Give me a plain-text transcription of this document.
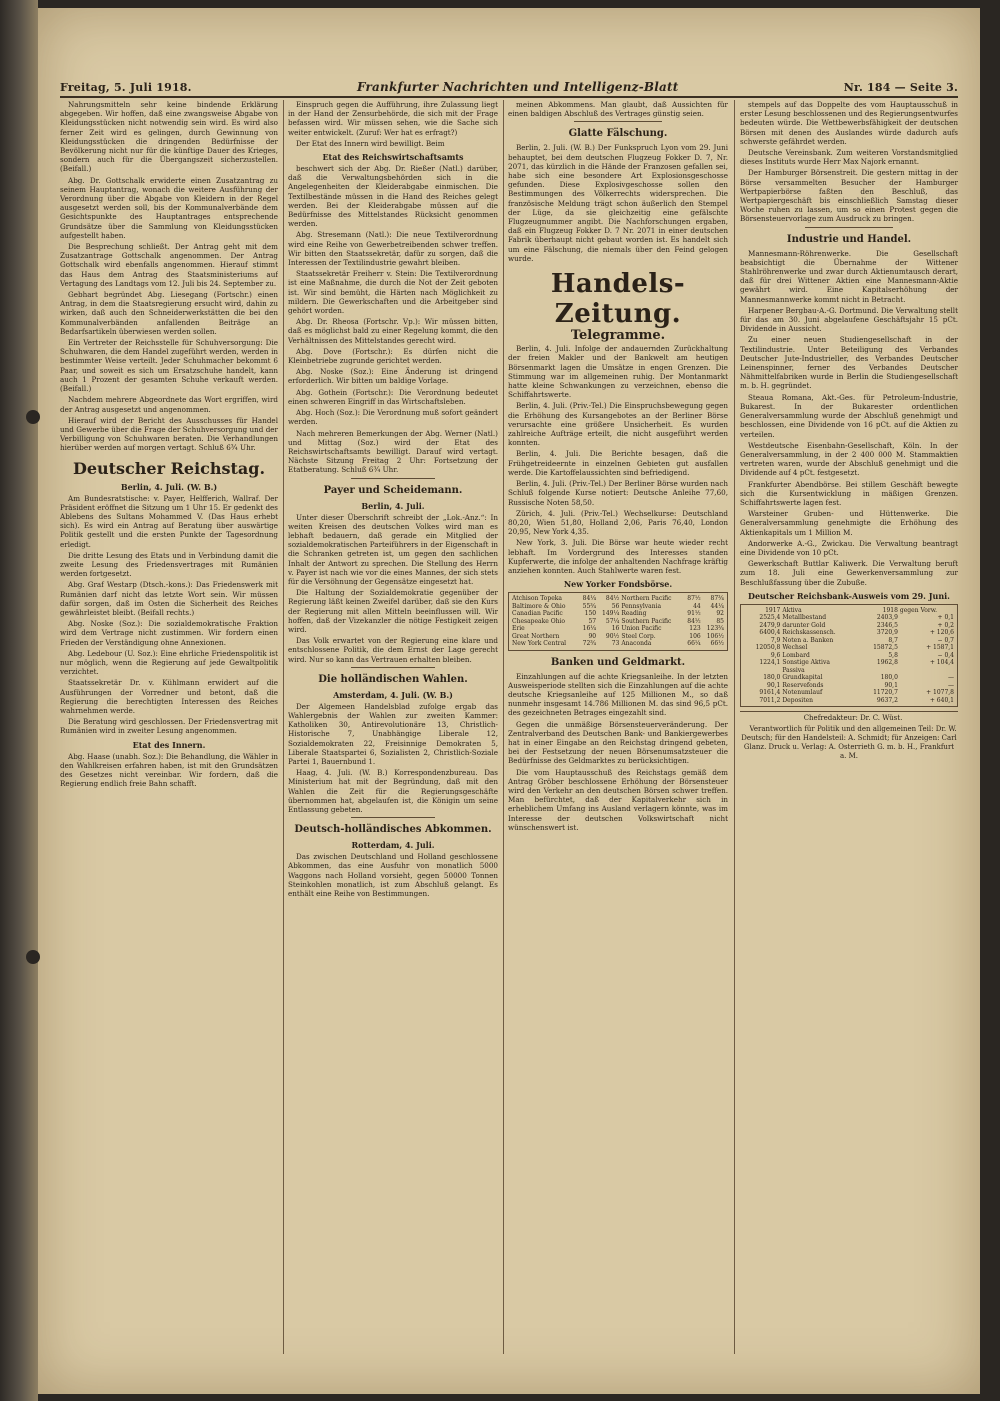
Freitag, 5. Juli 1918.	Frankfurter Nachrichten und Intelligenz-Blatt	Nr. 184 — Seite 3.

Nahrungsmitteln sehr keine bindende Erklärung abgegeben. Wir hoffen, daß eine zwangsweise Abgabe von Kleidungsstücken nicht notwendig sein wird. Es wird also ferner Zeit wird es gelingen, durch Gewinnung von Kleidungsstücken die dringenden Bedürfnisse der Bevölkerung nicht nur für die künftige Dauer des Krieges, sondern auch für die Übergangszeit sicherzustellen. (Beifall.)

Abg. Dr. Gottschalk erwiderte einen Zusatzantrag zu seinem Hauptantrag, wonach die weitere Ausführung der Verordnung über die Abgabe von Kleidern in der Regel ausgesetzt werden soll, bis der Kommunalverbände dem Gesichtspunkte des Hauptantrages entsprechende Grundsätze über die Sammlung von Kleidungsstücken aufgestellt haben.

Die Besprechung schließt. Der Antrag geht mit dem Zusatzantrage Gottschalk angenommen. Der Antrag Gottschalk wird ebenfalls angenommen. Hierauf stimmt das Haus dem Antrag des Staatsministeriums auf Vertagung des Landtags vom 12. Juli bis 24. September zu.

Gebhart begründet Abg. Liesegang (Fortschr.) einen Antrag, in dem die Staatsregierung ersucht wird, dahin zu wirken, daß auch den Schneiderwerkstätten die bei den Kommunalverbänden anfallenden Beiträge an Bedarfsartikeln überwiesen werden sollen.

Ein Vertreter der Reichsstelle für Schuhversorgung: Die Schuhwaren, die dem Handel zugeführt werden, werden in bestimmter Weise verteilt. Jeder Schuhmacher bekommt 6 Paar, und soweit es sich um Ersatzschuhe handelt, kann auch 1 Prozent der gesamten Schuhe verkauft werden. (Beifall.)

Nachdem mehrere Abgeordnete das Wort ergriffen, wird der Antrag ausgesetzt und angenommen.

Hierauf wird der Bericht des Ausschusses für Handel und Gewerbe über die Frage der Schuhversorgung und der Verbilligung von Schuhwaren beraten. Die Verhandlungen hierüber werden auf morgen vertagt. Schluß 6¾ Uhr.

Deutscher Reichstag.
Berlin, 4. Juli. (W. B.)

Am Bundesratstische: v. Payer, Helfferich, Wallraf. Der Präsident eröffnet die Sitzung um 1 Uhr 15. Er gedenkt des Ablebens des Sultans Mohammed V. (Das Haus erhebt sich). Es wird ein Antrag auf Beratung über auswärtige Politik gestellt und die ersten Punkte der Tagesordnung erledigt.

Die dritte Lesung des Etats und in Verbindung damit die zweite Lesung des Friedensvertrages mit Rumänien werden fortgesetzt.

Abg. Graf Westarp (Dtsch.-kons.): Das Friedenswerk mit Rumänien darf nicht das letzte Wort sein. Wir müssen dafür sorgen, daß im Osten die Sicherheit des Reiches gewährleistet bleibt. (Beifall rechts.)

Abg. Noske (Soz.): Die sozialdemokratische Fraktion wird dem Vertrage nicht zustimmen. Wir fordern einen Frieden der Verständigung ohne Annexionen.

Abg. Ledebour (U. Soz.): Eine ehrliche Friedenspolitik ist nur möglich, wenn die Regierung auf jede Gewaltpolitik verzichtet.

Staatssekretär Dr. v. Kühlmann erwidert auf die Ausführungen der Vorredner und betont, daß die Regierung die berechtigten Interessen des Reiches wahrnehmen werde.

Die Beratung wird geschlossen. Der Friedensvertrag mit Rumänien wird in zweiter Lesung angenommen.

Etat des Innern.

Abg. Haase (unabh. Soz.): Die Behandlung, die Wähler in den Wahlkreisen erfahren haben, ist mit den Grundsätzen des Gesetzes nicht vereinbar. Wir fordern, daß die Regierung endlich freie Bahn schafft.

Einspruch gegen die Aufführung, ihre Zulassung liegt in der Hand der Zensurbehörde, die sich mit der Frage befassen wird. Wir müssen sehen, wie die Sache sich weiter entwickelt. (Zuruf: Wer hat es erfragt?)

Der Etat des Innern wird bewilligt. Beim

Etat des Reichswirtschaftsamts

beschwert sich der Abg. Dr. Rießer (Natl.) darüber, daß die Verwaltungsbehörden sich in die Angelegenheiten der Kleiderabgabe einmischen. Die Textilbestände müssen in die Hand des Reiches gelegt werden. Bei der Kleiderabgabe müssen auf die Bedürfnisse des Mittelstandes Rücksicht genommen werden.

Abg. Stresemann (Natl.): Die neue Textilverordnung wird eine Reihe von Gewerbetreibenden schwer treffen. Wir bitten den Staatssekretär, dafür zu sorgen, daß die Interessen der Textilindustrie gewahrt bleiben.

Staatssekretär Freiherr v. Stein: Die Textilverordnung ist eine Maßnahme, die durch die Not der Zeit geboten ist. Wir sind bemüht, die Härten nach Möglichkeit zu mildern. Die Gewerkschaften und die Arbeitgeber sind gehört worden.

Abg. Dr. Rheosa (Fortschr. Vp.): Wir müssen bitten, daß es möglichst bald zu einer Regelung kommt, die den Verhältnissen des Mittelstandes gerecht wird.

Abg. Dove (Fortschr.): Es dürfen nicht die Kleinbetriebe zugrunde gerichtet werden.

Abg. Noske (Soz.): Eine Änderung ist dringend erforderlich. Wir bitten um baldige Vorlage.

Abg. Gothein (Fortschr.): Die Verordnung bedeutet einen schweren Eingriff in das Wirtschaftsleben.

Abg. Hoch (Soz.): Die Verordnung muß sofort geändert werden.

Nach mehreren Bemerkungen der Abg. Werner (Natl.) und Mittag (Soz.) wird der Etat des Reichswirtschaftsamts bewilligt. Darauf wird vertagt. Nächste Sitzung Freitag 2 Uhr: Fortsetzung der Etatberatung. Schluß 6¾ Uhr.

Payer und Scheidemann.
Berlin, 4. Juli.

Unter dieser Überschrift schreibt der „Lok.-Anz.“: In weiten Kreisen des deutschen Volkes wird man es lebhaft bedauern, daß gerade ein Mitglied der sozialdemokratischen Parteiführers in der Eigenschaft in die Schranken getreten ist, um gegen den sachlichen Inhalt der Antwort zu sprechen. Die Stellung des Herrn v. Payer ist nach wie vor die eines Mannes, der sich stets für die Versöhnung der Gegensätze eingesetzt hat.

Die Haltung der Sozialdemokratie gegenüber der Regierung läßt keinen Zweifel darüber, daß sie den Kurs der Regierung mit allen Mitteln beeinflussen will. Wir hoffen, daß der Vizekanzler die nötige Festigkeit zeigen wird.

Das Volk erwartet von der Regierung eine klare und entschlossene Politik, die dem Ernst der Lage gerecht wird. Nur so kann das Vertrauen erhalten bleiben.

Die holländischen Wahlen.
Amsterdam, 4. Juli. (W. B.)

Der Algemeen Handelsblad zufolge ergab das Wahlergebnis der Wahlen zur zweiten Kammer: Katholiken 30, Antirevolutionäre 13, Christlich-Historische 7, Unabhängige Liberale 12, Sozialdemokraten 22, Freisinnige Demokraten 5, Liberale Staatspartei 6, Sozialisten 2, Christlich-Soziale Partei 1, Bauernbund 1.

Haag, 4. Juli. (W. B.) Korrespondenzbureau. Das Ministerium hat mit der Begründung, daß mit den Wahlen die Zeit für die Regierungsgeschäfte übernommen hat, abgelaufen ist, die Königin um seine Entlassung gebeten.

Deutsch-holländisches Abkommen.
Rotterdam, 4. Juli.

Das zwischen Deutschland und Holland geschlossene Abkommen, das eine Ausfuhr von monatlich 5000 Waggons nach Holland vorsieht, gegen 50000 Tonnen Steinkohlen monatlich, ist zum Abschluß gelangt. Es enthält eine Reihe von Bestimmungen.

meinen Abkommens. Man glaubt, daß Aussichten für einen baldigen Abschluß des Vertrages günstig seien.

Glatte Fälschung.

Berlin, 2. Juli. (W. B.) Der Funkspruch Lyon vom 29. Juni behauptet, bei dem deutschen Flugzeug Fokker D. 7, Nr. 2071, das kürzlich in die Hände der Franzosen gefallen sei, habe sich eine besondere Art Explosionsgeschosse gefunden. Diese Explosivgeschosse sollen den Bestimmungen des Völkerrechts widersprechen. Die französische Meldung trägt schon äußerlich den Stempel der Lüge, da sie gleichzeitig eine gefälschte Flugzeugnummer angibt. Die Nachforschungen ergaben, daß ein Flugzeug Fokker D. 7 Nr. 2071 in einer deutschen Fabrik überhaupt nicht gebaut worden ist. Es handelt sich um eine Fälschung, die niemals über den Feind gelogen wurde.

Handels-Zeitung.
Telegramme.

Berlin, 4. Juli. Infolge der andauernden Zurückhaltung der freien Makler und der Bankwelt am heutigen Börsenmarkt lagen die Umsätze in engen Grenzen. Die Stimmung war im allgemeinen ruhig. Der Montanmarkt hatte kleine Schwankungen zu verzeichnen, ebenso die Schiffahrtswerte.

Berlin, 4. Juli. (Priv.-Tel.) Die Einspruchsbewegung gegen die Erhöhung des Kursangebotes an der Berliner Börse verursachte eine größere Unsicherheit. Es wurden zahlreiche Aufträge erteilt, die nicht ausgeführt werden konnten.

Berlin, 4. Juli. Die Berichte besagen, daß die Frühgetreideernte in einzelnen Gebieten gut ausfallen werde. Die Kartoffelaussichten sind befriedigend.

Berlin, 4. Juli. (Priv.-Tel.) Der Berliner Börse wurden nach Schluß folgende Kurse notiert: Deutsche Anleihe 77,60, Russische Noten 58,50.

Zürich, 4. Juli. (Priv.-Tel.) Wechselkurse: Deutschland 80,20, Wien 51,80, Holland 2,06, Paris 76,40, London 20,95, New York 4,35.

New York, 3. Juli. Die Börse war heute wieder recht lebhaft. Im Vordergrund des Interesses standen Kupferwerte, die infolge der anhaltenden Nachfrage kräftig anziehen konnten. Auch Stahlwerte waren fest.

New Yorker Fondsbörse.
Atchison Topeka	84¼	84½	Northern Pacific	87½	87¾
Baltimore & Ohio	55¾	56	Pennsylvania	44	44¼
Canadian Pacific	150	149¼	Reading	91½	92
Chesapeake Ohio	57	57¼	Southern Pacific	84½	85
Erie	16¼	16	Union Pacific	123	123¾
Great Northern	90	90½	Steel Corp.	106	106½
New York Central	72¾	73	Anaconda	66¼	66½
Banken und Geldmarkt.

Einzahlungen auf die achte Kriegsanleihe. In der letzten Ausweisperiode stellten sich die Einzahlungen auf die achte deutsche Kriegsanleihe auf 125 Millionen M., so daß nunmehr insgesamt 14.786 Millionen M. das sind 96,5 pCt. des gezeichneten Betrages eingezahlt sind.

Gegen die unmäßige Börsensteuerveränderung. Der Zentralverband des Deutschen Bank- und Bankiergewerbes hat in einer Eingabe an den Reichstag dringend gebeten, bei der Festsetzung der neuen Börsenumsatzsteuer die Bedürfnisse des Geldmarktes zu berücksichtigen.

Die vom Hauptausschuß des Reichstags gemäß dem Antrag Gröber beschlossene Erhöhung der Börsensteuer wird den Verkehr an den deutschen Börsen schwer treffen. Man befürchtet, daß der Kapitalverkehr sich in erheblichem Umfang ins Ausland verlagern könnte, was im Interesse der deutschen Volkswirtschaft nicht wünschenswert ist.

stempels auf das Doppelte des vom Hauptausschuß in erster Lesung beschlossenen und des Regierungsentwurfes bedeuten würde. Die Wettbewerbsfähigkeit der deutschen Börsen mit denen des Auslandes würde dadurch aufs schwerste gefährdet werden.

Deutsche Vereinsbank. Zum weiteren Vorstandsmitglied dieses Instituts wurde Herr Max Najork ernannt.

Der Hamburger Börsenstreit. Die gestern mittag in der Börse versammelten Besucher der Hamburger Wertpapierbörse faßten den Beschluß, das Wertpapiergeschäft bis einschließlich Samstag dieser Woche ruhen zu lassen, um so einen Protest gegen die Börsensteuervorlage zum Ausdruck zu bringen.

Industrie und Handel.

Mannesmann-Röhrenwerke. Die Gesellschaft beabsichtigt die Übernahme der Wittener Stahlröhrenwerke und zwar durch Aktienumtausch derart, daß für drei Wittener Aktien eine Mannesmann-Aktie gewährt wird. Eine Kapitalserhöhung der Mannesmannwerke kommt nicht in Betracht.

Harpener Bergbau-A.-G. Dortmund. Die Verwaltung stellt für das am 30. Juni abgelaufene Geschäftsjahr 15 pCt. Dividende in Aussicht.

Zu einer neuen Studiengesellschaft in der Textilindustrie. Unter Beteiligung des Verbandes Deutscher Jute-Industrieller, des Verbandes Deutscher Leinenspinner, ferner des Verbandes Deutscher Nähmittelfabriken wurde in Berlin die Studiengesellschaft m. b. H. gegründet.

Steaua Romana, Akt.-Ges. für Petroleum-Industrie, Bukarest. In der Bukarester ordentlichen Generalversammlung wurde der Abschluß genehmigt und beschlossen, eine Dividende von 16 pCt. auf die Aktien zu verteilen.

Westdeutsche Eisenbahn-Gesellschaft, Köln. In der Generalversammlung, in der 2 400 000 M. Stammaktien vertreten waren, wurde der Abschluß genehmigt und die Dividende auf 4 pCt. festgesetzt.

Frankfurter Abendbörse. Bei stillem Geschäft bewegte sich die Kursentwicklung in mäßigen Grenzen. Schiffahrtswerte lagen fest.

Warsteiner Gruben- und Hüttenwerke. Die Generalversammlung genehmigte die Erhöhung des Aktienkapitals um 1 Million M.

Andorwerke A.-G., Zwickau. Die Verwaltung beantragt eine Dividende von 10 pCt.

Gewerkschaft Buttlar Kaliwerk. Die Verwaltung beruft zum 18. Juli eine Gewerkenversammlung zur Beschlußfassung über die Zubuße.

Deutscher Reichsbank-Ausweis vom 29. Juni.
1917	Aktiva	1918	gegen Vorw.
2525,4	Metallbestand	2403,9	+ 0,1
2479,9	darunter Gold	2346,5	+ 0,2
6400,4	Reichskassensch.	3720,9	+ 120,6
7,9	Noten a. Banken	8,7	− 0,7
12050,8	Wechsel	15872,5	+ 1587,1
9,6	Lombard	5,8	− 0,4
1224,1	Sonstige Aktiva	1962,8	+ 104,4
	Passiva		
180,0	Grundkapital	180,0	—
90,1	Reservefonds	90,1	—
9161,4	Notenumlauf	11720,7	+ 1077,8
7011,2	Depositen	9637,2	+ 640,1

Chefredakteur: Dr. C. Wüst.

Verantwortlich für Politik und den allgemeinen Teil: Dr. W. Deutsch; für den Handelsteil: A. Schmidt; für Anzeigen: Carl Glanz. Druck u. Verlag: A. Osterrieth G. m. b. H., Frankfurt a. M.
